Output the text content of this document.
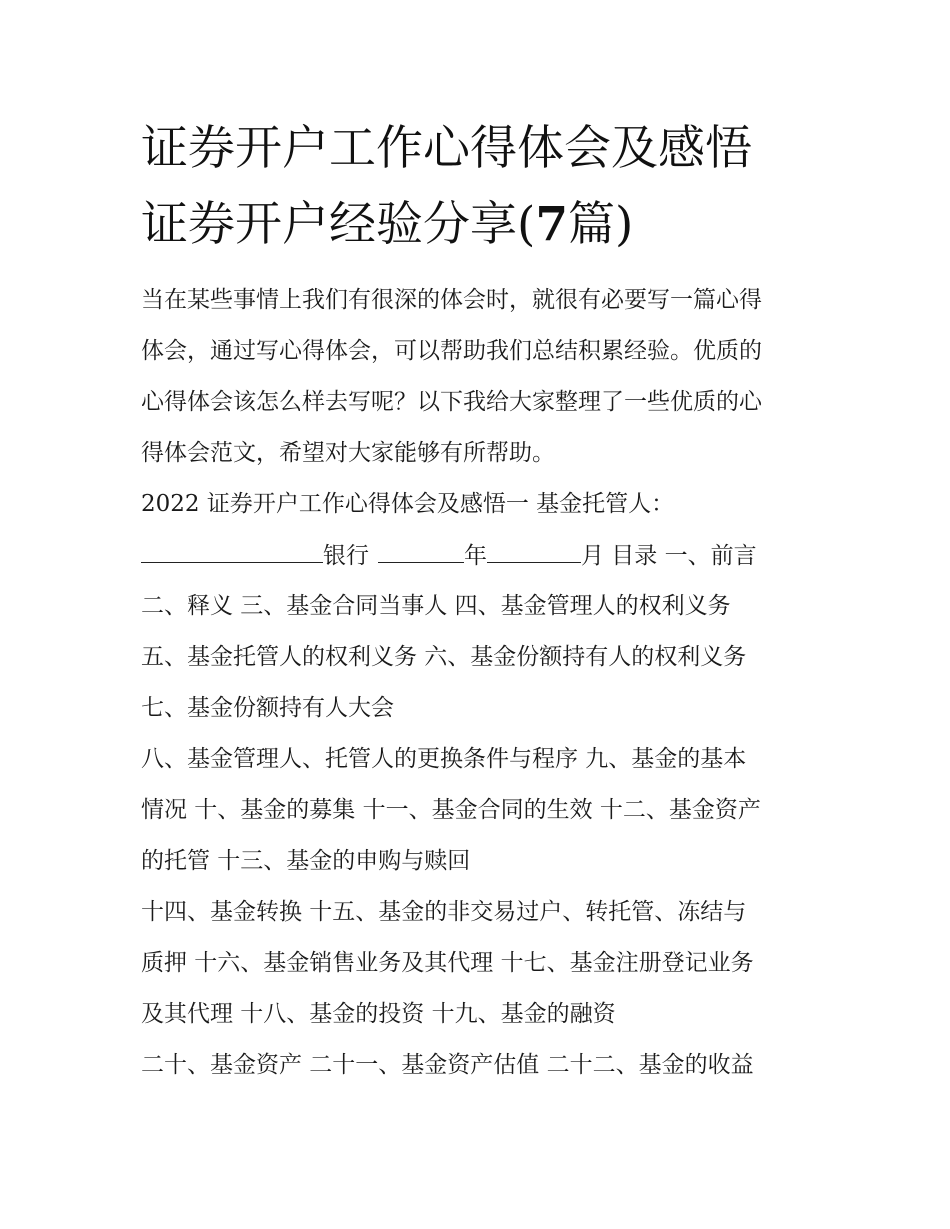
证券开户工作心得体会及感悟
证券开户经验分享(7篇)
当在某些事情上我们有很深的体会时，就很有必要写一篇心得
体会，通过写心得体会，可以帮助我们总结积累经验。优质的
心得体会该怎么样去写呢？以下我给大家整理了一些优质的心
得体会范文，希望对大家能够有所帮助。
2022 证券开户工作心得体会及感悟一 基金托管人：
银行	年	月 目录 一、前言
二、释义 三、基金合同当事人 四、基金管理人的权利义务
五、基金托管人的权利义务 六、基金份额持有人的权利义务
七、基金份额持有人大会
八、基金管理人、托管人的更换条件与程序 九、基金的基本
情况 十、基金的募集 十一、基金合同的生效 十二、基金资产
的托管 十三、基金的申购与赎回
十四、基金转换 十五、基金的非交易过户、转托管、冻结与
质押 十六、基金销售业务及其代理 十七、基金注册登记业务
及其代理 十八、基金的投资 十九、基金的融资
二十、基金资产 二十一、基金资产估值 二十二、基金的收益
